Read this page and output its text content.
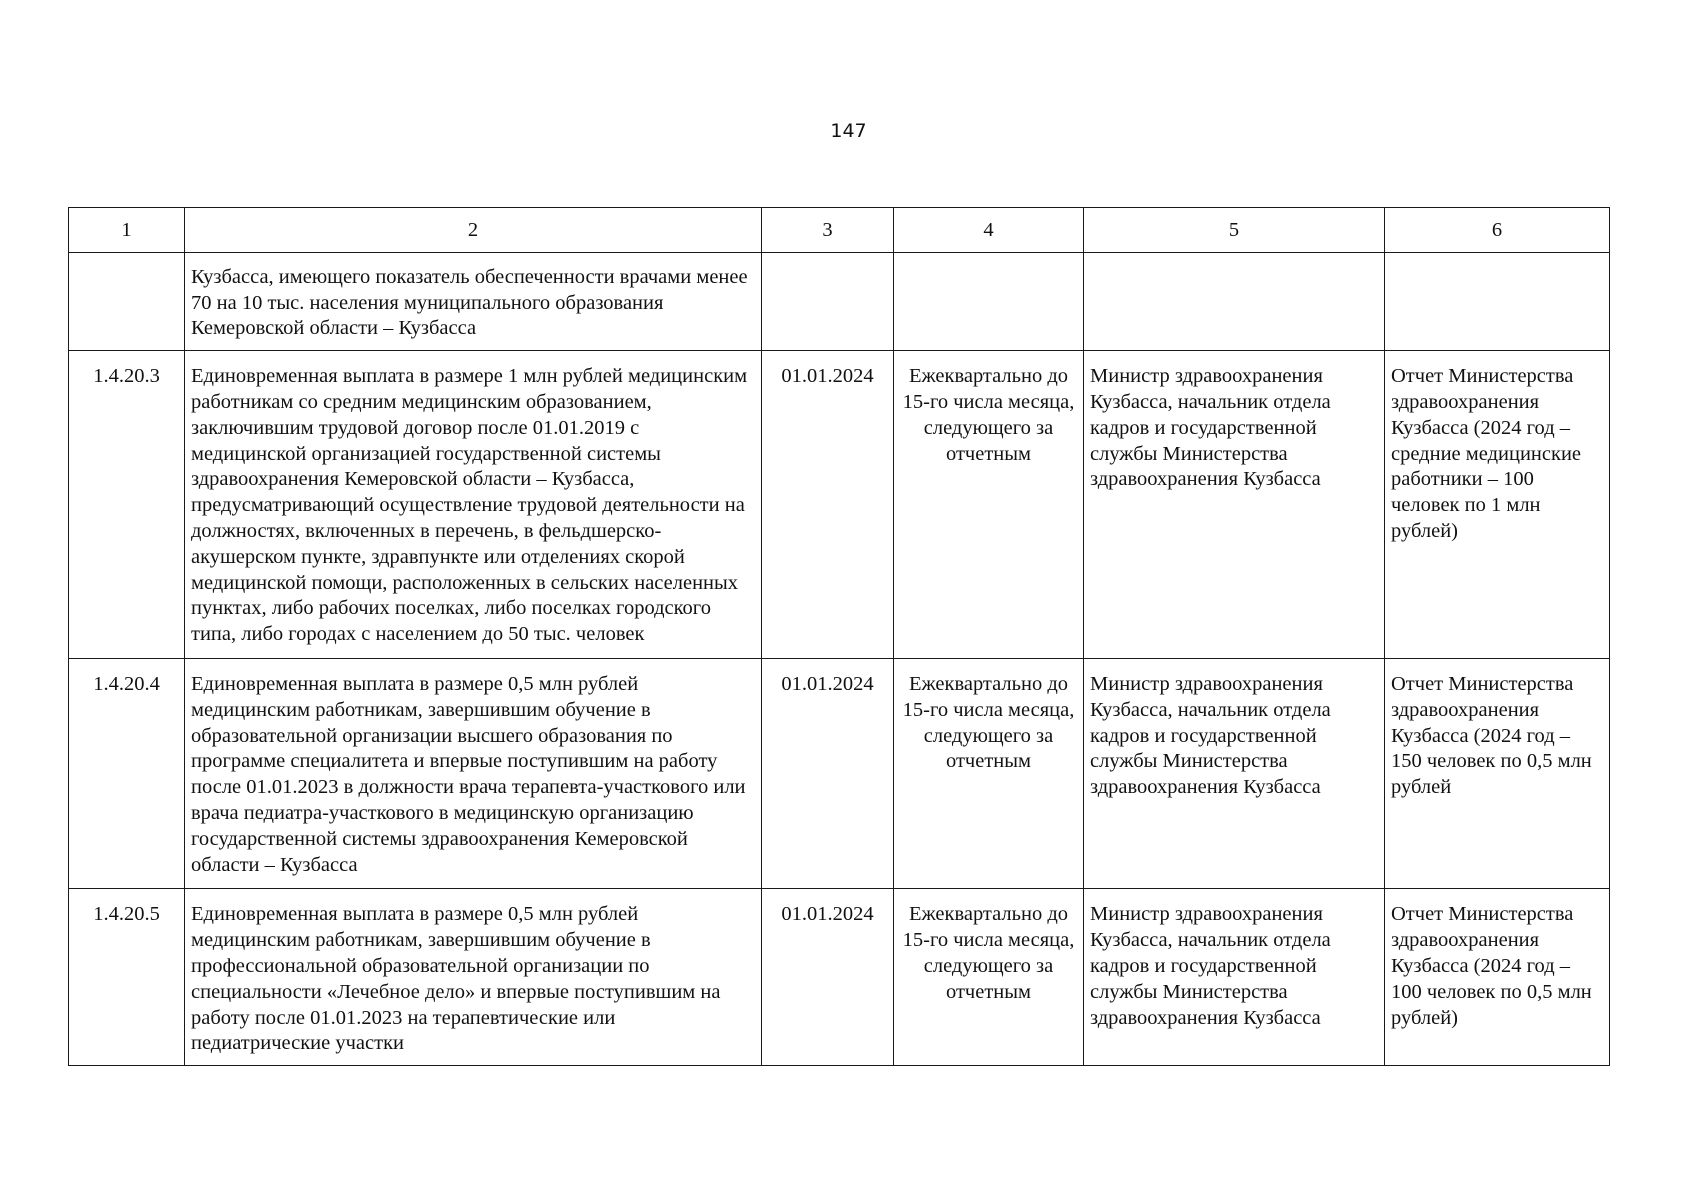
147
1	2	3	4	5	6
	Кузбасса, имеющего показатель обеспеченности врачами менее 70 на 10 тыс. населения муниципального образования Кемеровской области – Кузбасса				
1.4.20.3	Единовременная выплата в размере 1 млн рублей медицинским работникам со средним медицинским образованием, заключившим трудовой договор после 01.01.2019 с медицинской организацией государственной системы здравоохранения Кемеровской области – Кузбасса, предусматривающий осуществление трудовой деятельности на должностях, включенных в перечень, в фельдшерско-акушерском пункте, здравпункте или отделениях скорой медицинской помощи, расположенных в сельских населенных пунктах, либо рабочих поселках, либо поселках городского типа, либо городах с населением до 50 тыс. человек	01.01.2024	Ежеквартально до 15-го числа месяца, следующего за отчетным	Министр здравоохранения Кузбасса, начальник отдела кадров и государственной службы Министерства здравоохранения Кузбасса	Отчет Министерства здравоохранения Кузбасса (2024 год – средние медицинские работники – 100 человек по 1 млн рублей)
1.4.20.4	Единовременная выплата в размере 0,5 млн рублей медицинским работникам, завершившим обучение в образовательной организации высшего образования по программе специалитета и впервые поступившим на работу после 01.01.2023 в должности врача терапевта-участкового или врача педиатра-участкового в медицинскую организацию государственной системы здравоохранения Кемеровской области – Кузбасса	01.01.2024	Ежеквартально до 15-го числа месяца, следующего за отчетным	Министр здравоохранения Кузбасса, начальник отдела кадров и государственной службы Министерства здравоохранения Кузбасса	Отчет Министерства здравоохранения Кузбасса (2024 год – 150 человек по 0,5 млн рублей
1.4.20.5	Единовременная выплата в размере 0,5 млн рублей медицинским работникам, завершившим обучение в профессиональной образовательной организации по специальности «Лечебное дело» и впервые поступившим на работу после 01.01.2023 на терапевтические или педиатрические участки	01.01.2024	Ежеквартально до 15-го числа месяца, следующего за отчетным	Министр здравоохранения Кузбасса, начальник отдела кадров и государственной службы Министерства здравоохранения Кузбасса	Отчет Министерства здравоохранения Кузбасса (2024 год – 100 человек по 0,5 млн рублей)
